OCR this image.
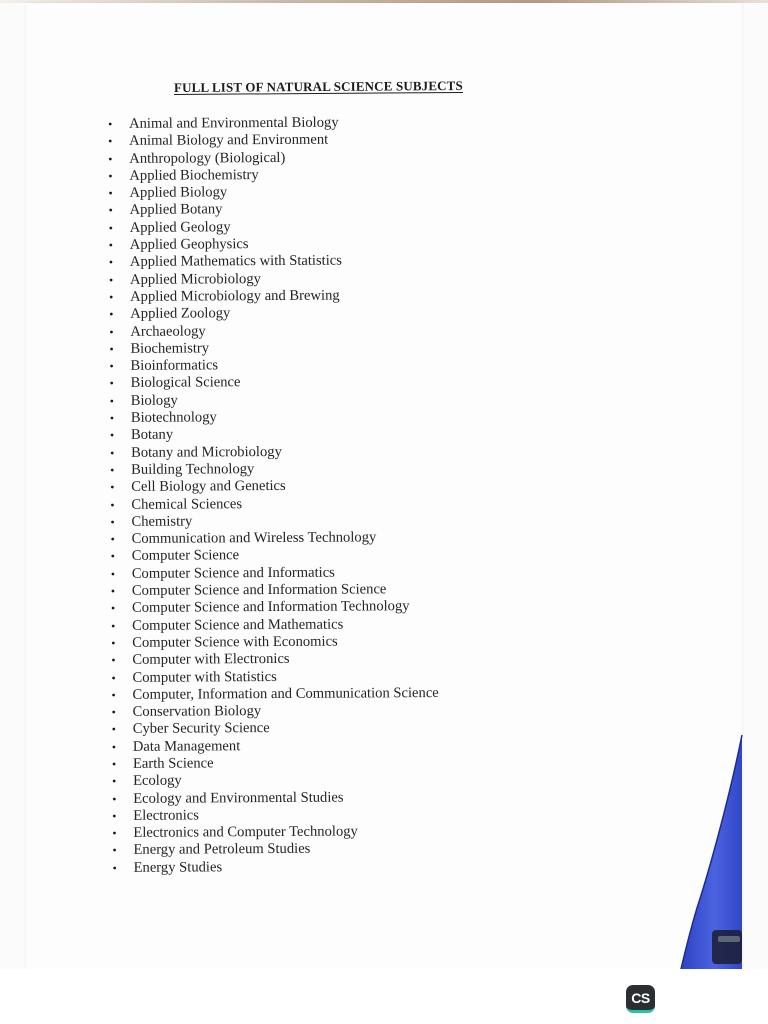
FULL LIST OF NATURAL SCIENCE SUBJECTS
• Animal and Environmental Biology
• Animal Biology and Environment
• Anthropology (Biological)
• Applied Biochemistry
• Applied Biology
• Applied Botany
• Applied Geology
• Applied Geophysics
• Applied Mathematics with Statistics
• Applied Microbiology
• Applied Microbiology and Brewing
• Applied Zoology
• Archaeology
• Biochemistry
• Bioinformatics
• Biological Science
• Biology
• Biotechnology
• Botany
• Botany and Microbiology
• Building Technology
• Cell Biology and Genetics
• Chemical Sciences
• Chemistry
• Communication and Wireless Technology
• Computer Science
• Computer Science and Informatics
• Computer Science and Information Science
• Computer Science and Information Technology
• Computer Science and Mathematics
• Computer Science with Economics
• Computer with Electronics
• Computer with Statistics
• Computer, Information and Communication Science
• Conservation Biology
• Cyber Security Science
• Data Management
• Earth Science
• Ecology
• Ecology and Environmental Studies
• Electronics
• Electronics and Computer Technology
• Energy and Petroleum Studies
• Energy Studies
CS
